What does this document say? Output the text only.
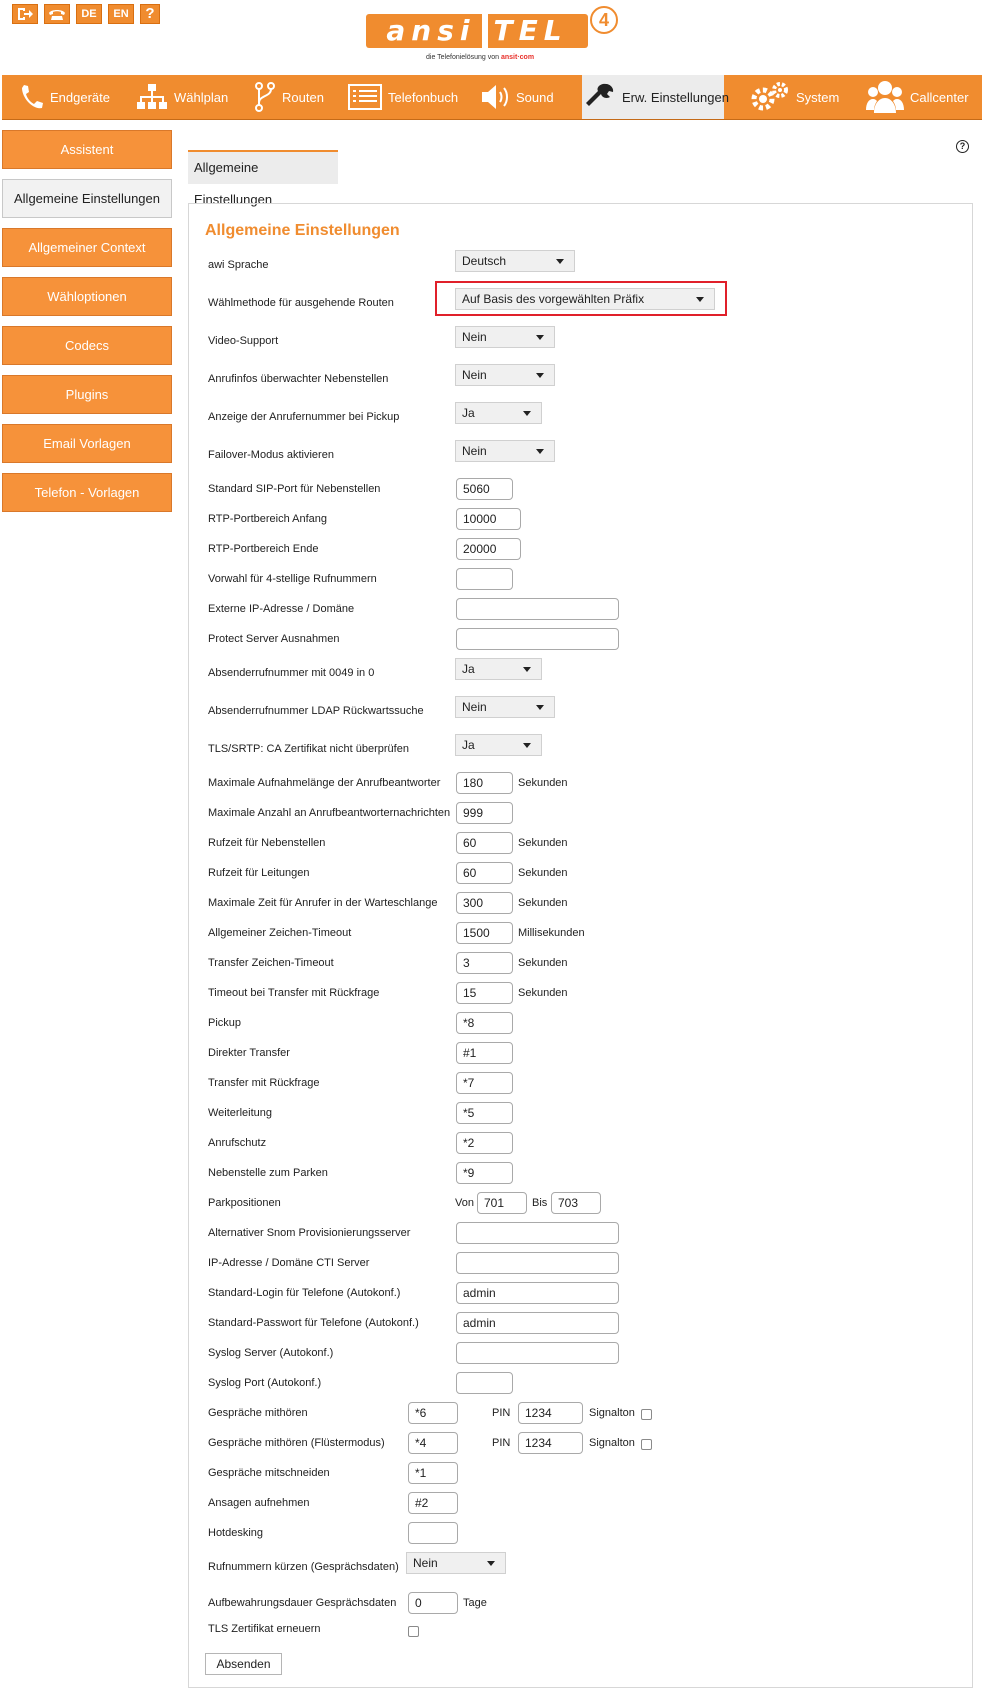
DE	EN	?
ansi TEL	4
die Telefonielösung von ansit·com
Endgeräte	Wählplan	Routen	Telefonbuch	Sound	Erw. Einstellungen	System	Callcenter
Assistent
Allgemeine Einstellungen
Allgemeiner Context
Wähloptionen
Codecs
Plugins
Email Vorlagen
Telefon - Vorlagen
?
Allgemeine Einstellungen
Allgemeine Einstellungen
awi Sprache	Deutsch
Wählmethode für ausgehende Routen	Auf Basis des vorgewählten Präfix
Video-Support	Nein
Anrufinfos überwachter Nebenstellen	Nein
Anzeige der Anrufernummer bei Pickup	Ja
Failover-Modus aktivieren	Nein
Standard SIP-Port für Nebenstellen	5060
RTP-Portbereich Anfang	10000
RTP-Portbereich Ende	20000
Vorwahl für 4-stellige Rufnummern
Externe IP-Adresse / Domäne
Protect Server Ausnahmen
Absenderrufnummer mit 0049 in 0	Ja
Absenderrufnummer LDAP Rückwartssuche	Nein
TLS/SRTP: CA Zertifikat nicht überprüfen	Ja
Maximale Aufnahmelänge der Anrufbeantworter	180	Sekunden
Maximale Anzahl an Anrufbeantworternachrichten	999
Rufzeit für Nebenstellen	60	Sekunden
Rufzeit für Leitungen	60	Sekunden
Maximale Zeit für Anrufer in der Warteschlange	300	Sekunden
Allgemeiner Zeichen-Timeout	1500	Millisekunden
Transfer Zeichen-Timeout	3	Sekunden
Timeout bei Transfer mit Rückfrage	15	Sekunden
Pickup	*8
Direkter Transfer	#1
Transfer mit Rückfrage	*7
Weiterleitung	*5
Anrufschutz	*2
Nebenstelle zum Parken	*9
Parkpositionen	Von 701	Bis 703
Alternativer Snom Provisionierungsserver
IP-Adresse / Domäne CTI Server
Standard-Login für Telefone (Autokonf.)	admin
Standard-Passwort für Telefone (Autokonf.)	admin
Syslog Server (Autokonf.)
Syslog Port (Autokonf.)
Gespräche mithören	*6	PIN	1234	Signalton
Gespräche mithören (Flüstermodus)	*4	PIN	1234	Signalton
Gespräche mitschneiden	*1
Ansagen aufnehmen	#2
Hotdesking
Rufnummern kürzen (Gesprächsdaten)	Nein
Aufbewahrungsdauer Gesprächsdaten	0	Tage
TLS Zertifikat erneuern
Absenden
